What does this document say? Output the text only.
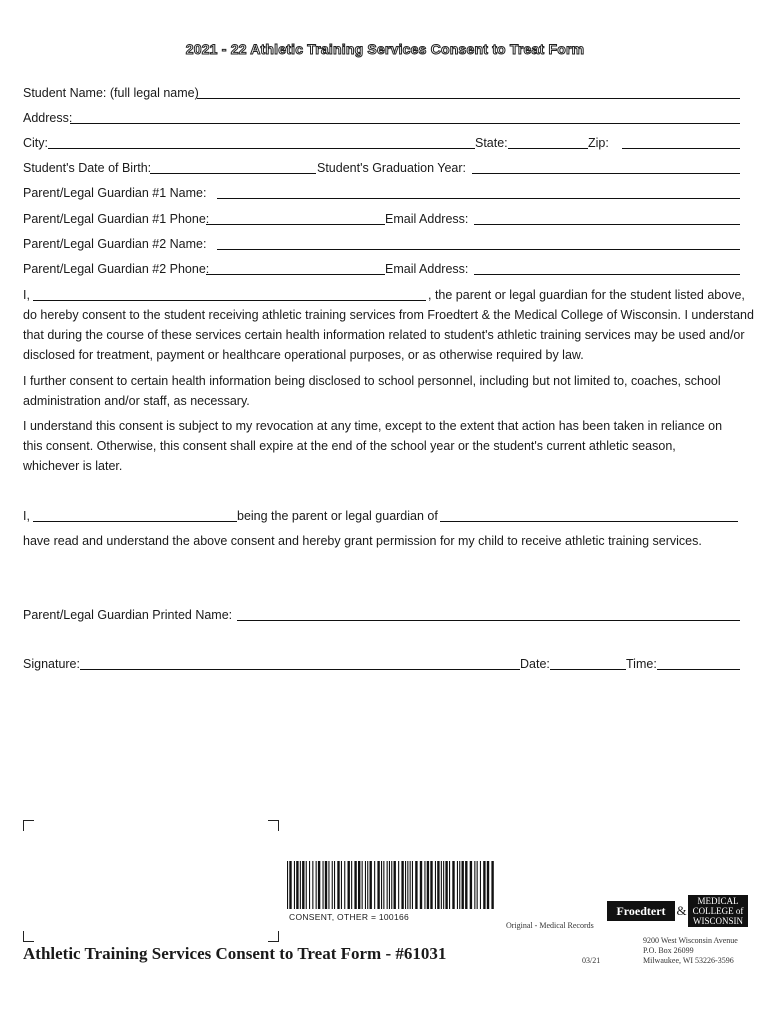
2021 - 22 Athletic Training Services Consent to Treat Form
Student Name: (full legal name)
Address:
City:	State:	Zip:
Student's Date of Birth:	Student's Graduation Year:
Parent/Legal Guardian #1 Name:
Parent/Legal Guardian #1 Phone:	Email Address:
Parent/Legal Guardian #2 Name:
Parent/Legal Guardian #2 Phone:	Email Address:
I,	, the parent or legal guardian for the student listed above,
do hereby consent to the student receiving athletic training services from Froedtert & the Medical College of Wisconsin. I understand
that during the course of these services certain health information related to student's athletic training services may be used and/or
disclosed for treatment, payment or healthcare operational purposes, or as otherwise required by law.
I further consent to certain health information being disclosed to school personnel, including but not limited to, coaches, school
administration and/or staff, as necessary.
I understand this consent is subject to my revocation at any time, except to the extent that action has been taken in reliance on
this consent. Otherwise, this consent shall expire at the end of the school year or the student's current athletic season,
whichever is later.
I,	being the parent or legal guardian of
have read and understand the above consent and hereby grant permission for my child to receive athletic training services.
Parent/Legal Guardian Printed Name:
Signature:	Date:	Time:
CONSENT, OTHER = 100166
Original - Medical Records
Froedtert &
MEDICAL
COLLEGE of
WISCONSIN
Athletic Training Services Consent to Treat Form - #61031	03/21
9200 West Wisconsin Avenue
P.O. Box 26099
Milwaukee, WI 53226-3596
